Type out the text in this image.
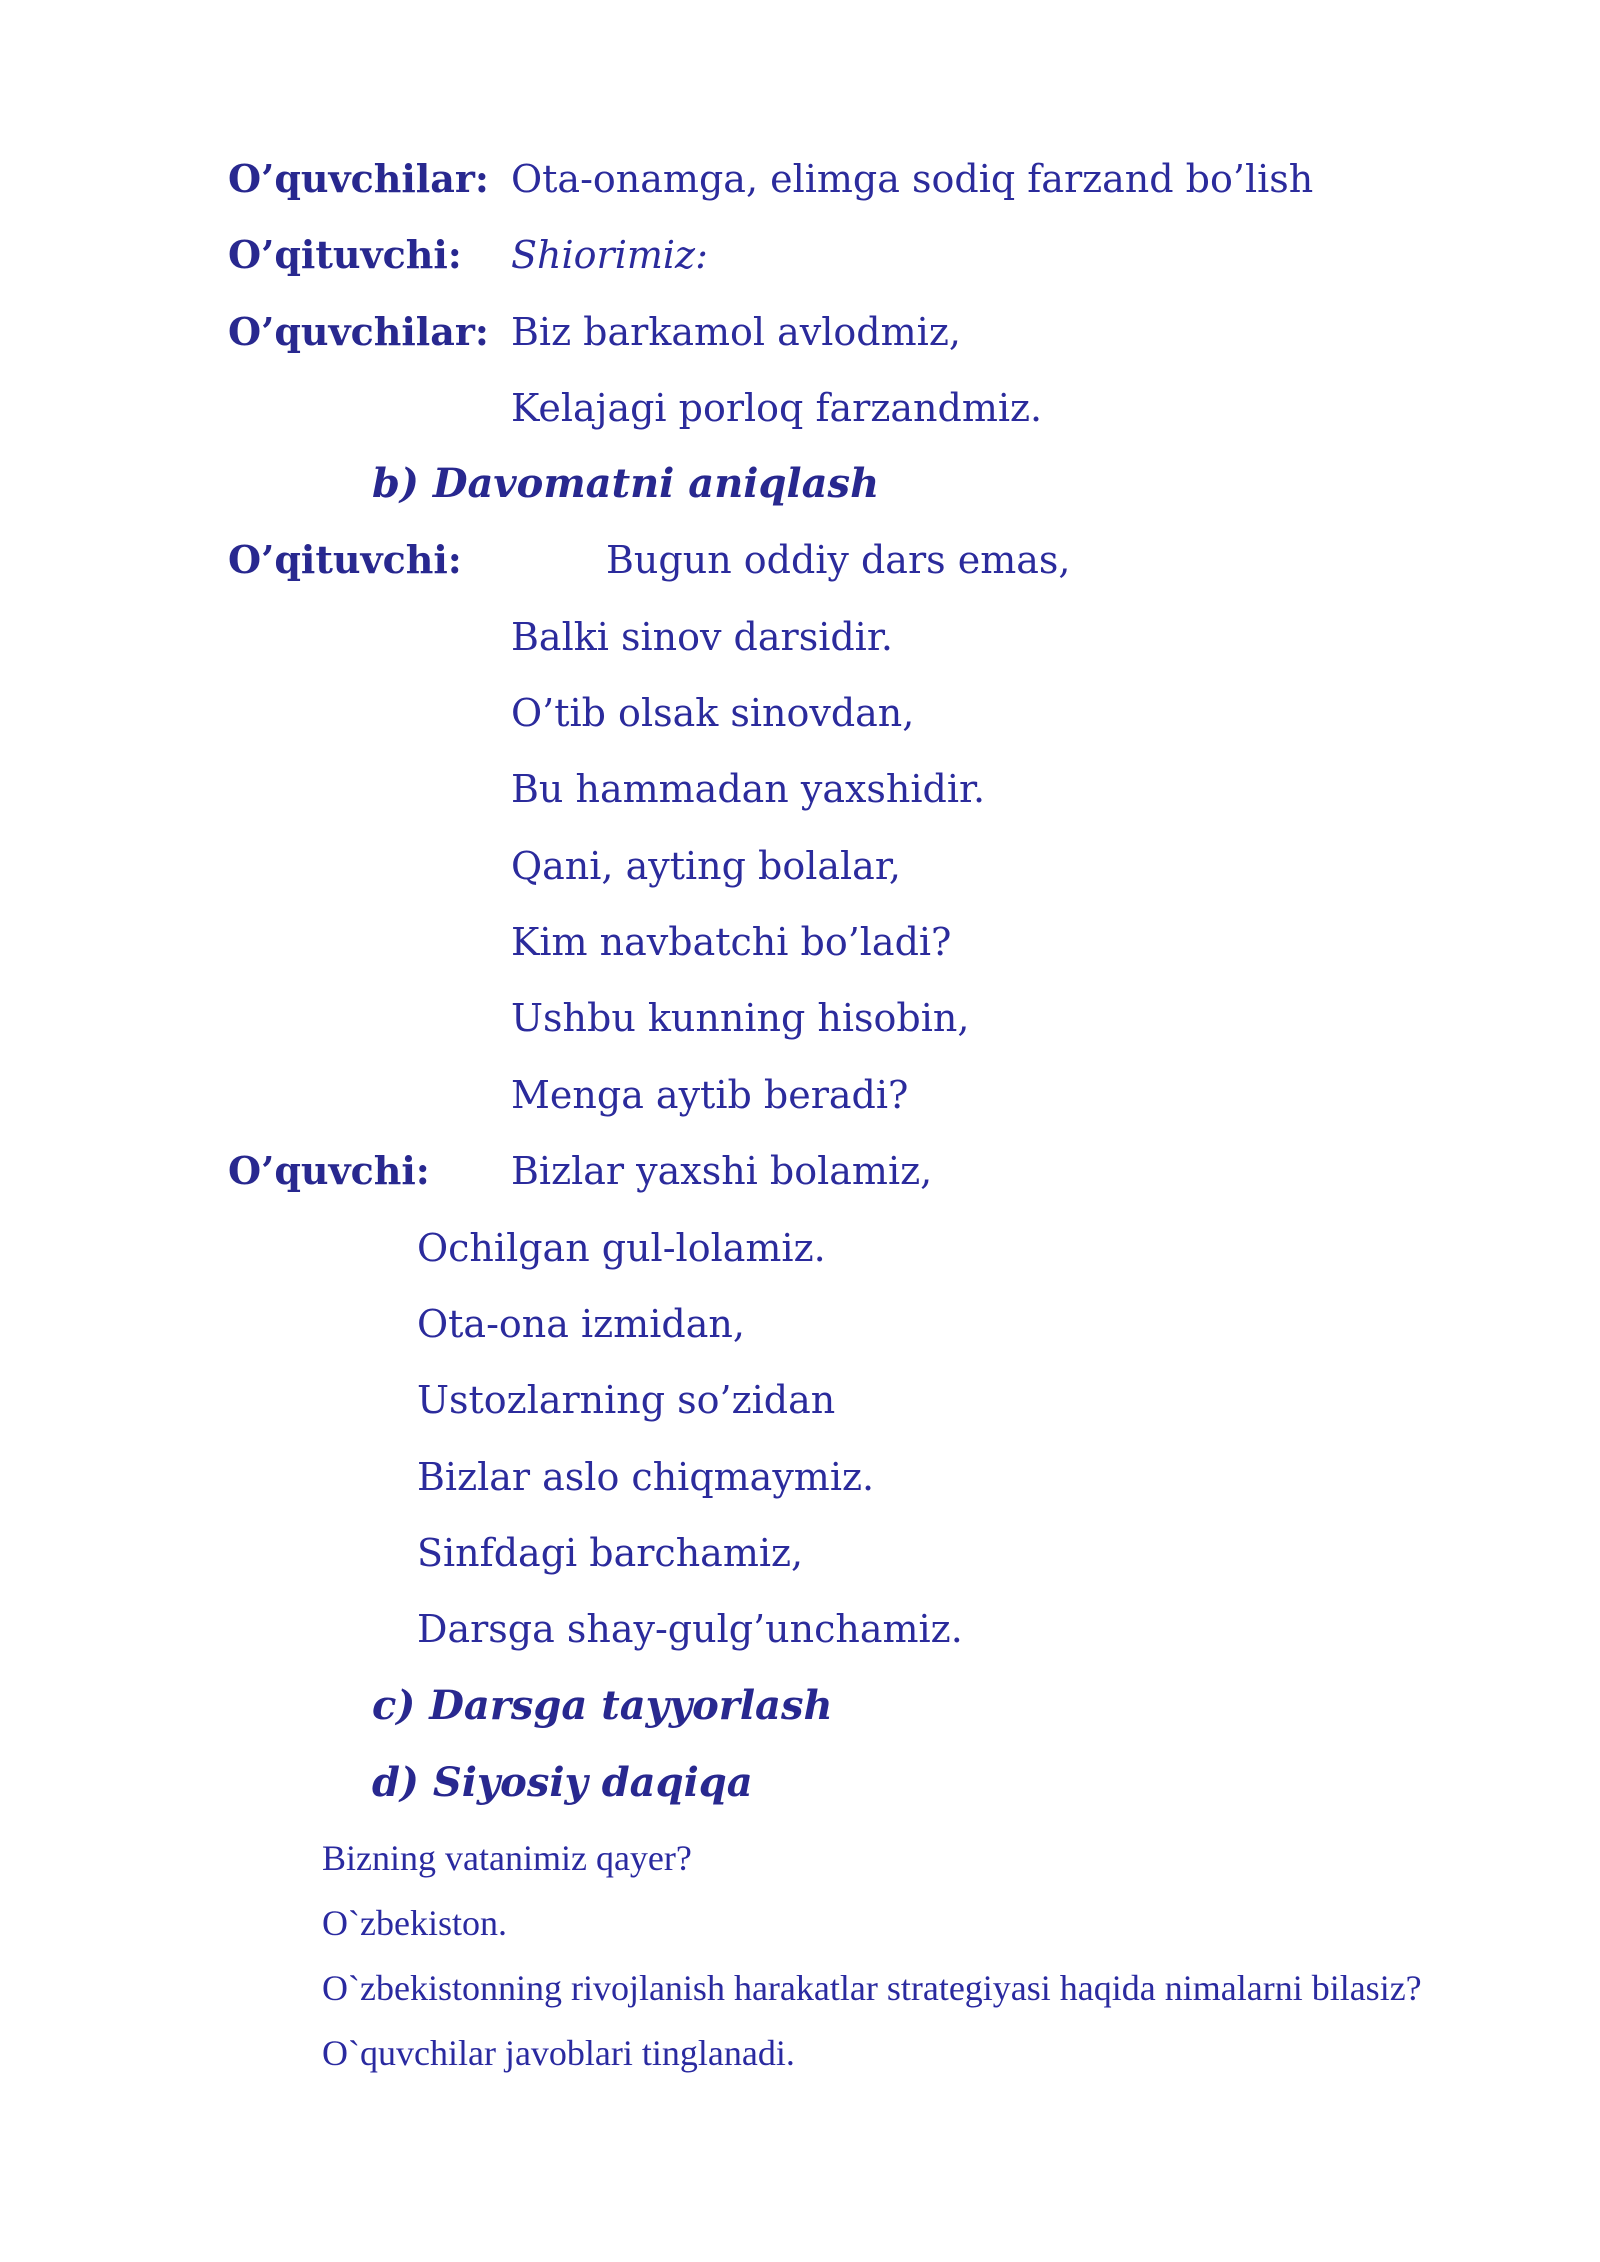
O’quvchilar: Ota-onamga, elimga sodiq farzand bo’lish
O’qituvchi: Shiorimiz:
O’quvchilar: Biz barkamol avlodmiz,
Kelajagi porloq farzandmiz.
b) Davomatni aniqlash
O’qituvchi:	Bugun oddiy dars emas,
Balki sinov darsidir.
O’tib olsak sinovdan,
Bu hammadan yaxshidir.
Qani, ayting bolalar,
Kim navbatchi bo’ladi?
Ushbu kunning hisobin,
Menga aytib beradi?
O’quvchi: Bizlar yaxshi bolamiz,
Ochilgan gul-lolamiz.
Ota-ona izmidan,
Ustozlarning so’zidan
Bizlar aslo chiqmaymiz.
Sinfdagi barchamiz,
Darsga shay-gulg’unchamiz.
c) Darsga tayyorlash
d) Siyosiy daqiqa
Bizning vatanimiz qayer?
O`zbekiston.
O`zbekistonning rivojlanish harakatlar strategiyasi haqida nimalarni bilasiz?
O`quvchilar javoblari tinglanadi.
